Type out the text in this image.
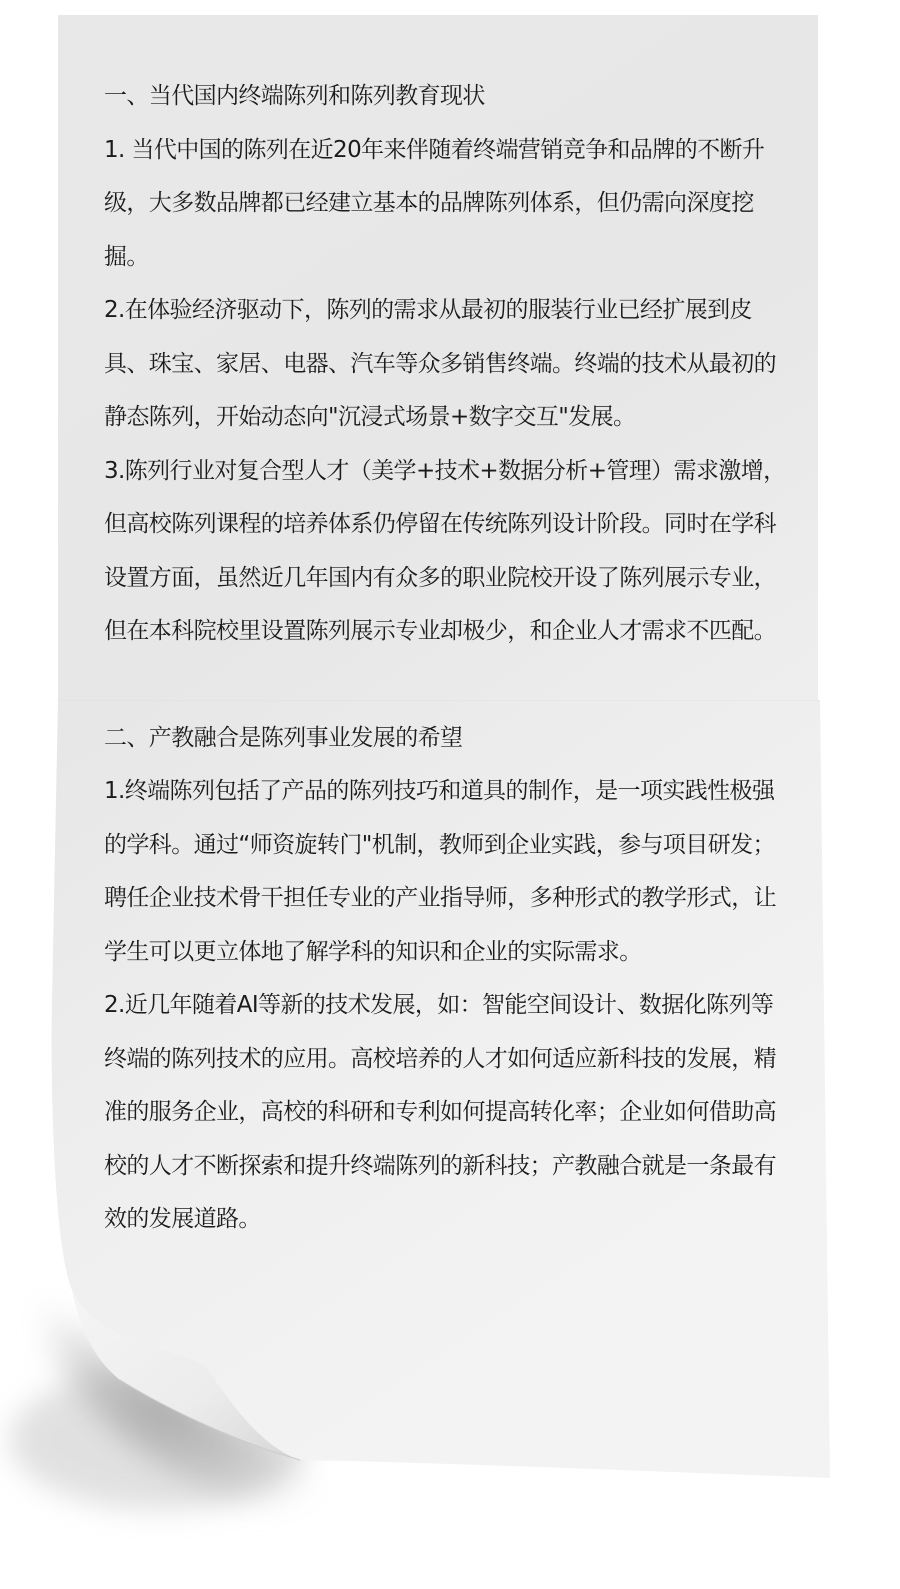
一、当代国内终端陈列和陈列教育现状

1. 当代中国的陈列在近20年来伴随着终端营销竞争和品牌的不断升级，大多数品牌都已经建立基本的品牌陈列体系，但仍需向深度挖掘。

2.在体验经济驱动下，陈列的需求从最初的服装行业已经扩展到皮具、珠宝、家居、电器、汽车等众多销售终端。终端的技术从最初的静态陈列，开始动态向"沉浸式场景+数字交互"发展。

3.陈列行业对复合型人才（美学+技术+数据分析+管理）需求激增，但高校陈列课程的培养体系仍停留在传统陈列设计阶段。同时在学科设置方面，虽然近几年国内有众多的职业院校开设了陈列展示专业，但在本科院校里设置陈列展示专业却极少，和企业人才需求不匹配。

二、产教融合是陈列事业发展的希望

1.终端陈列包括了产品的陈列技巧和道具的制作，是一项实践性极强的学科。通过“师资旋转门"机制，教师到企业实践，参与项目研发；聘任企业技术骨干担任专业的产业指导师，多种形式的教学形式，让学生可以更立体地了解学科的知识和企业的实际需求。

2.近几年随着AI等新的技术发展，如：智能空间设计、数据化陈列等终端的陈列技术的应用。高校培养的人才如何适应新科技的发展，精准的服务企业，高校的科研和专利如何提高转化率；企业如何借助高校的人才不断探索和提升终端陈列的新科技；产教融合就是一条最有效的发展道路。
